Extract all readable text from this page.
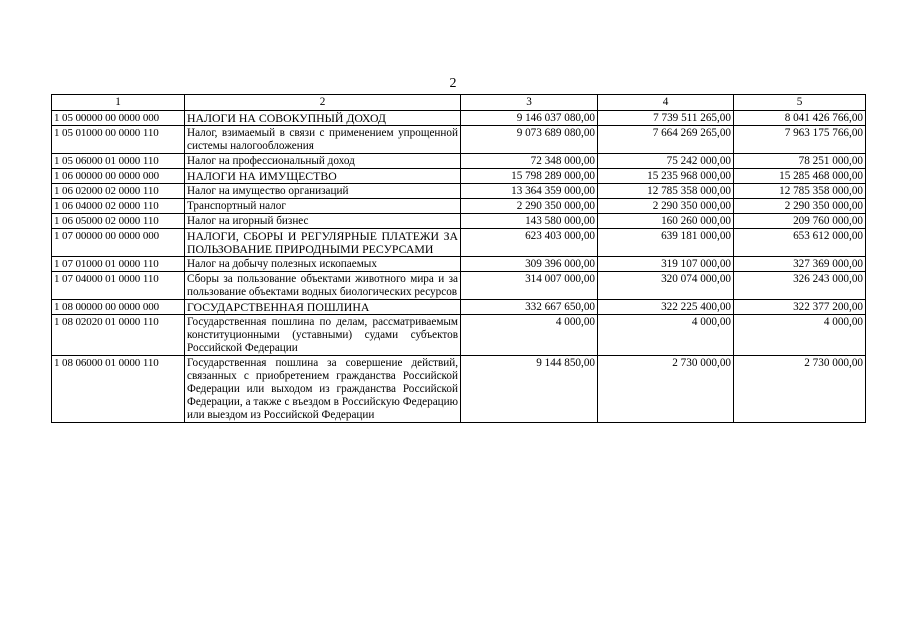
2
1	2	3	4	5
1 05 00000 00 0000 000	НАЛОГИ НА СОВОКУПНЫЙ ДОХОД	9 146 037 080,00	7 739 511 265,00	8 041 426 766,00
1 05 01000 00 0000 110	Налог, взимаемый в связи с применением упрощенной системы налогообложения	9 073 689 080,00	7 664 269 265,00	7 963 175 766,00
1 05 06000 01 0000 110	Налог на профессиональный доход	72 348 000,00	75 242 000,00	78 251 000,00
1 06 00000 00 0000 000	НАЛОГИ НА ИМУЩЕСТВО	15 798 289 000,00	15 235 968 000,00	15 285 468 000,00
1 06 02000 02 0000 110	Налог на имущество организаций	13 364 359 000,00	12 785 358 000,00	12 785 358 000,00
1 06 04000 02 0000 110	Транспортный налог	2 290 350 000,00	2 290 350 000,00	2 290 350 000,00
1 06 05000 02 0000 110	Налог на игорный бизнес	143 580 000,00	160 260 000,00	209 760 000,00
1 07 00000 00 0000 000	НАЛОГИ, СБОРЫ И РЕГУЛЯРНЫЕ ПЛАТЕЖИ ЗА ПОЛЬЗОВАНИЕ ПРИРОДНЫМИ РЕСУРСАМИ	623 403 000,00	639 181 000,00	653 612 000,00
1 07 01000 01 0000 110	Налог на добычу полезных ископаемых	309 396 000,00	319 107 000,00	327 369 000,00
1 07 04000 01 0000 110	Сборы за пользование объектами животного мира и за пользование объектами водных биологических ресурсов	314 007 000,00	320 074 000,00	326 243 000,00
1 08 00000 00 0000 000	ГОСУДАРСТВЕННАЯ ПОШЛИНА	332 667 650,00	322 225 400,00	322 377 200,00
1 08 02020 01 0000 110	Государственная пошлина по делам, рассматриваемым конституционными (уставными) судами субъектов Российской Федерации	4 000,00	4 000,00	4 000,00
1 08 06000 01 0000 110	Государственная пошлина за совершение действий, связанных с приобретением гражданства Российской Федерации или выходом из гражданства Российской Федерации, а также с въездом в Российскую Федерацию или выездом из Российской Федерации	9 144 850,00	2 730 000,00	2 730 000,00
